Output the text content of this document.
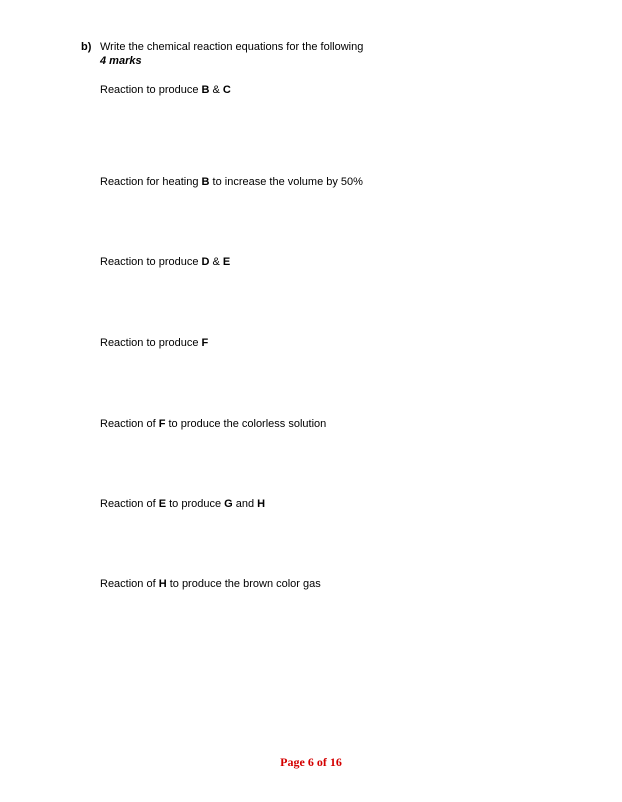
b) Write the chemical reaction equations for the following
4 marks
Reaction to produce B & C
Reaction for heating B to increase the volume by 50%
Reaction to produce D & E
Reaction to produce F
Reaction of F to produce the colorless solution
Reaction of E to produce G and H
Reaction of H to produce the brown color gas
Page 6 of 16
